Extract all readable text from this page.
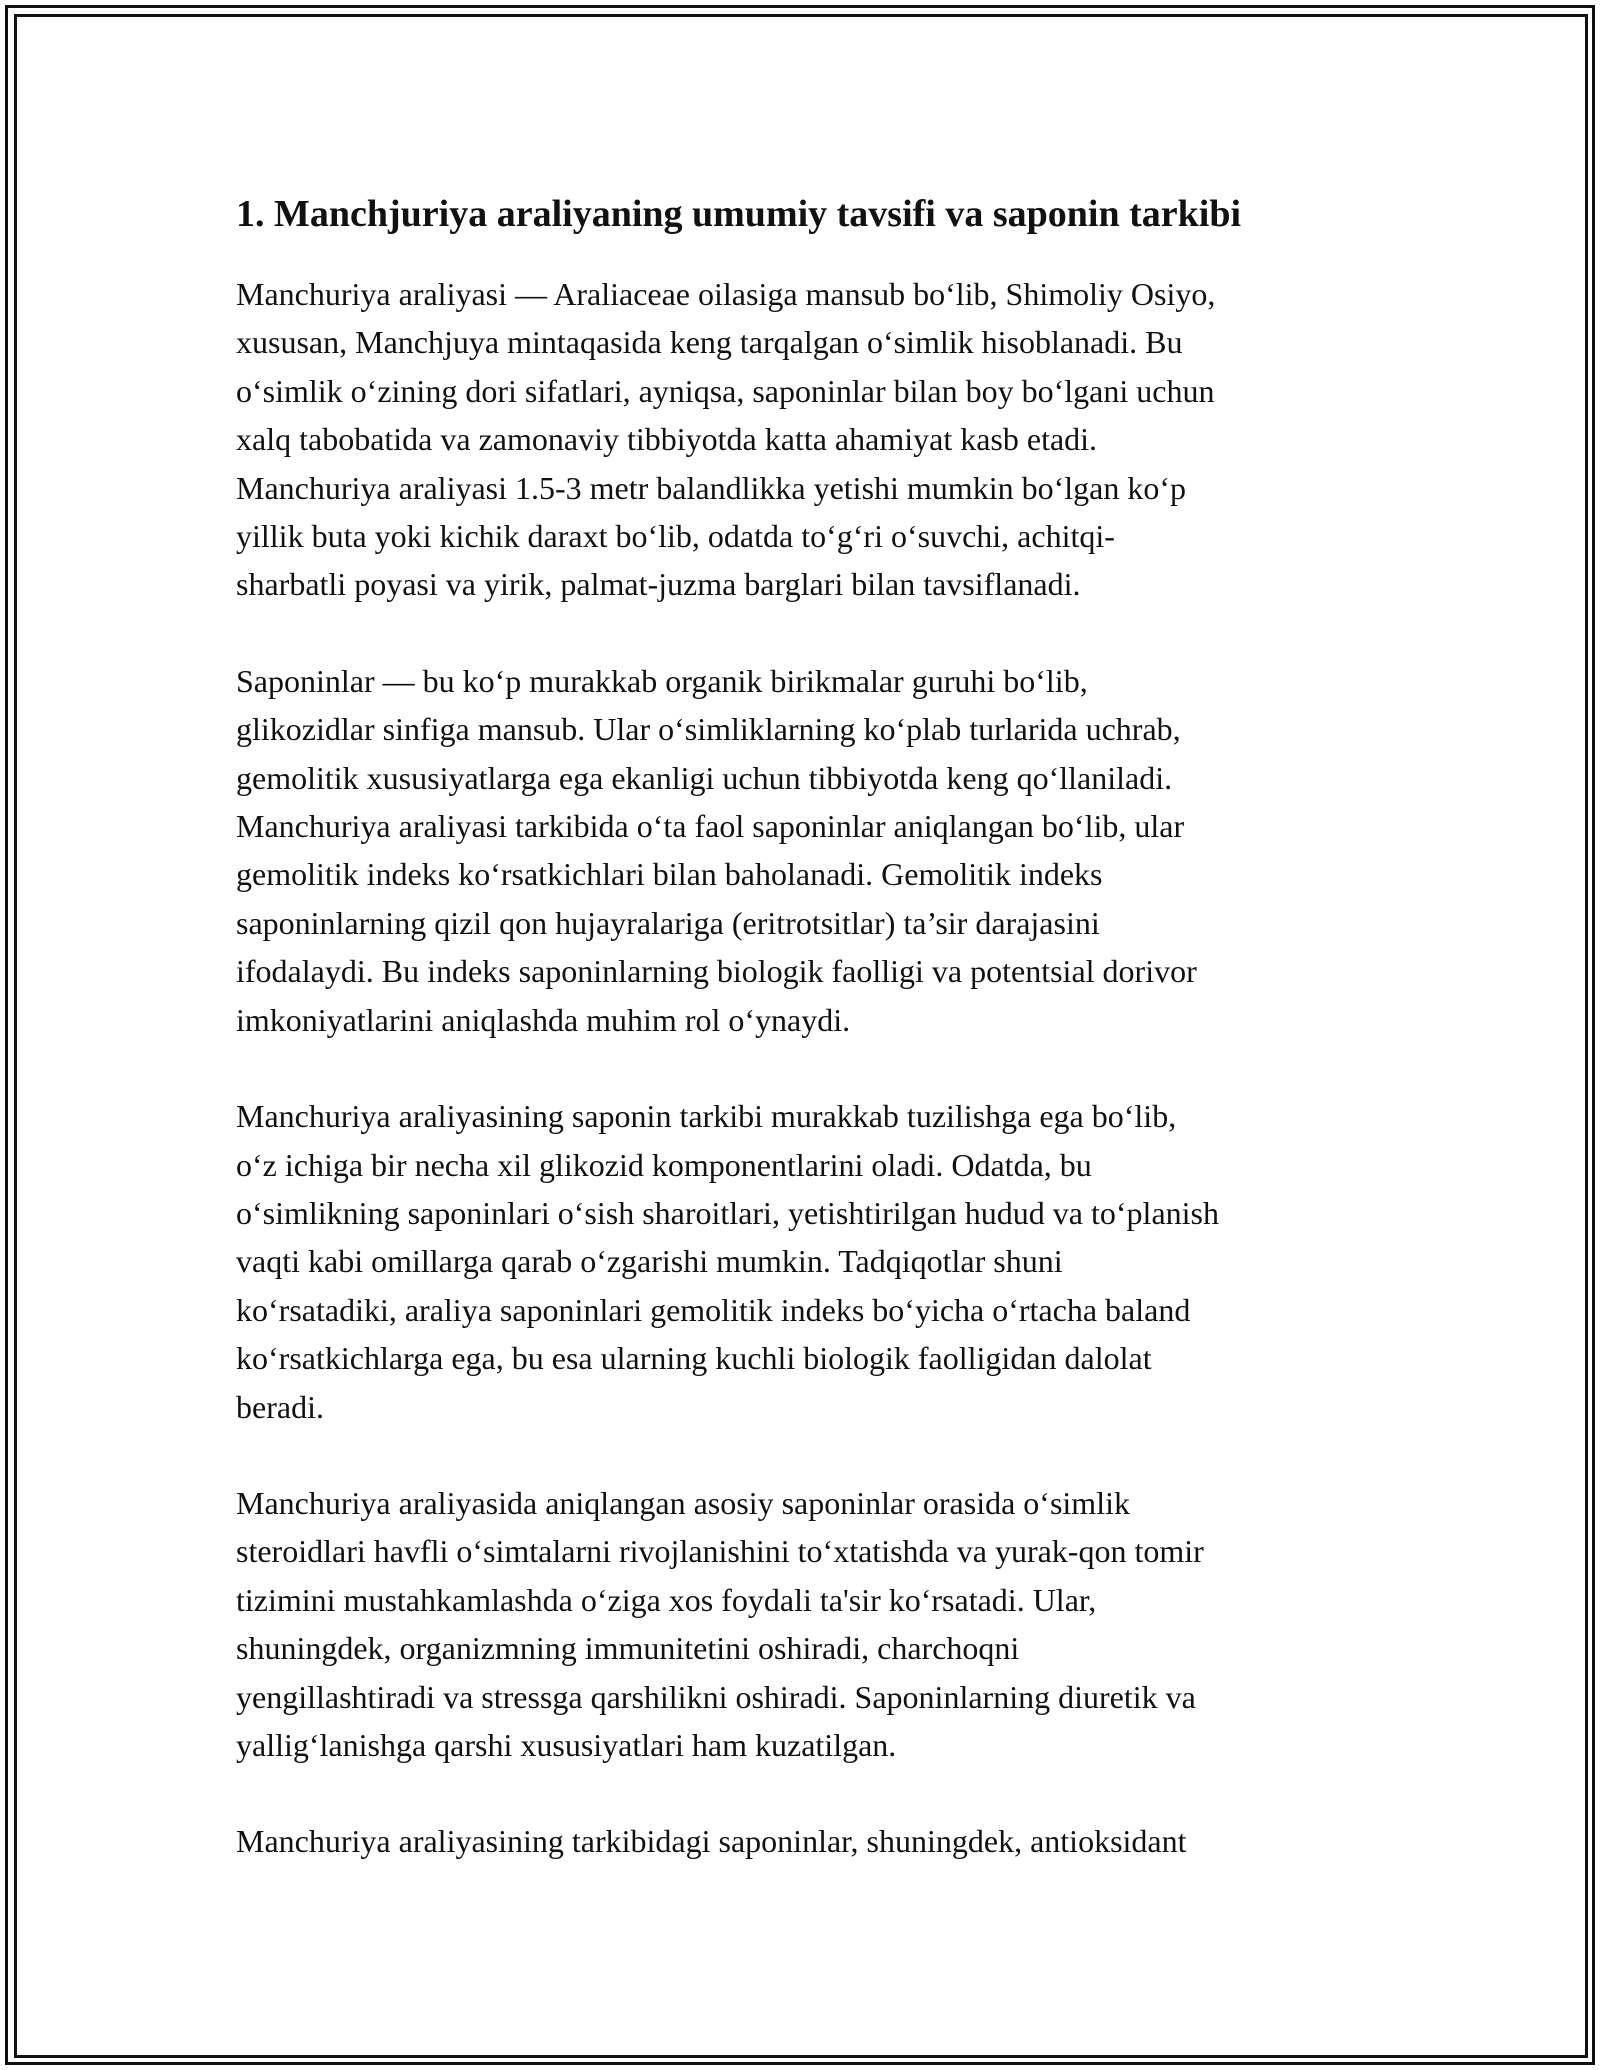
1. Manchjuriya araliyaning umumiy tavsifi va saponin tarkibi

Manchuriya araliyasi — Araliaceae oilasiga mansub bo‘lib, Shimoliy Osiyo,
xususan, Manchjuya mintaqasida keng tarqalgan o‘simlik hisoblanadi. Bu
o‘simlik o‘zining dori sifatlari, ayniqsa, saponinlar bilan boy bo‘lgani uchun
xalq tabobatida va zamonaviy tibbiyotda katta ahamiyat kasb etadi.
Manchuriya araliyasi 1.5-3 metr balandlikka yetishi mumkin bo‘lgan ko‘p
yillik buta yoki kichik daraxt bo‘lib, odatda to‘g‘ri o‘suvchi, achitqi-
sharbatli poyasi va yirik, palmat-juzma barglari bilan tavsiflanadi.

Saponinlar — bu ko‘p murakkab organik birikmalar guruhi bo‘lib,
glikozidlar sinfiga mansub. Ular o‘simliklarning ko‘plab turlarida uchrab,
gemolitik xususiyatlarga ega ekanligi uchun tibbiyotda keng qo‘llaniladi.
Manchuriya araliyasi tarkibida o‘ta faol saponinlar aniqlangan bo‘lib, ular
gemolitik indeks ko‘rsatkichlari bilan baholanadi. Gemolitik indeks
saponinlarning qizil qon hujayralariga (eritrotsitlar) ta’sir darajasini
ifodalaydi. Bu indeks saponinlarning biologik faolligi va potentsial dorivor
imkoniyatlarini aniqlashda muhim rol o‘ynaydi.

Manchuriya araliyasining saponin tarkibi murakkab tuzilishga ega bo‘lib,
o‘z ichiga bir necha xil glikozid komponentlarini oladi. Odatda, bu
o‘simlikning saponinlari o‘sish sharoitlari, yetishtirilgan hudud va to‘planish
vaqti kabi omillarga qarab o‘zgarishi mumkin. Tadqiqotlar shuni
ko‘rsatadiki, araliya saponinlari gemolitik indeks bo‘yicha o‘rtacha baland
ko‘rsatkichlarga ega, bu esa ularning kuchli biologik faolligidan dalolat
beradi.

Manchuriya araliyasida aniqlangan asosiy saponinlar orasida o‘simlik
steroidlari havfli o‘simtalarni rivojlanishini to‘xtatishda va yurak-qon tomir
tizimini mustahkamlashda o‘ziga xos foydali ta'sir ko‘rsatadi. Ular,
shuningdek, organizmning immunitetini oshiradi, charchoqni
yengillashtiradi va stressga qarshilikni oshiradi. Saponinlarning diuretik va
yallig‘lanishga qarshi xususiyatlari ham kuzatilgan.

Manchuriya araliyasining tarkibidagi saponinlar, shuningdek, antioksidant
